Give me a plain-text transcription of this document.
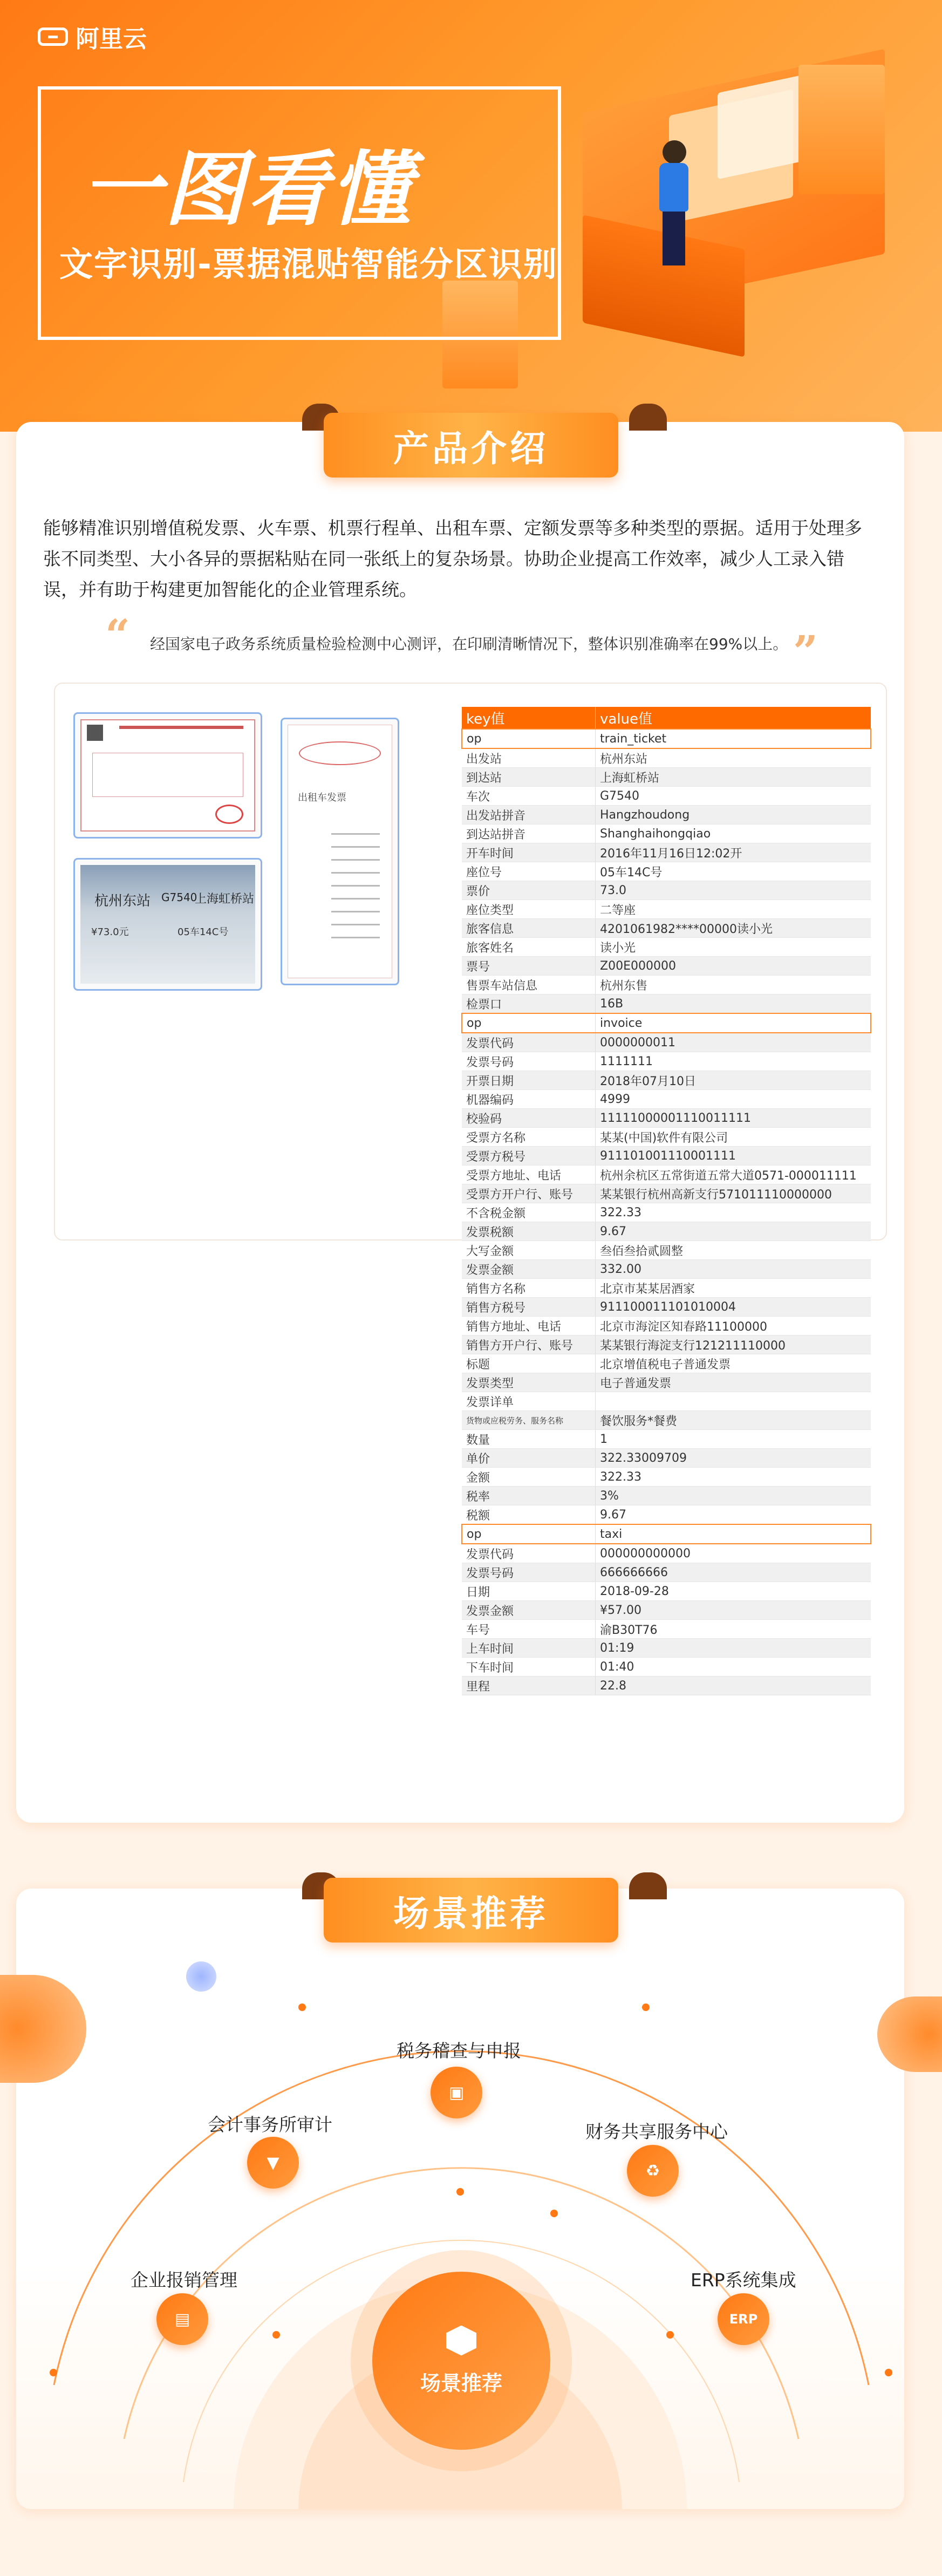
阿里云
一图看懂
文字识别-票据混贴智能分区识别
产品介绍
能够精准识别增值税发票、火车票、机票行程单、出租车票、定额发票等多种类型的票据。适用于处理多张不同类型、大小各异的票据粘贴在同一张纸上的复杂场景。协助企业提高工作效率，减少人工录入错误，并有助于构建更加智能化的企业管理系统。
“ 经国家电子政务系统质量检验检测中心测评，在印刷清晰情况下，整体识别准确率在99%以上。 ”
杭州东站 G7540
上海虹桥站
¥73.0元	05车14C号
出租车发票
key值	value值
op	train_ticket
出发站	杭州东站
到达站	上海虹桥站
车次	G7540
出发站拼音	Hangzhoudong
到达站拼音	Shanghaihongqiao
开车时间	2016年11月16日12:02开
座位号	05车14C号
票价	73.0
座位类型	二等座
旅客信息	4201061982****00000读小光
旅客姓名	读小光
票号	Z00E000000
售票车站信息	杭州东售
检票口	16B
op	invoice
发票代码	0000000011
发票号码	1111111
开票日期	2018年07月10日
机器编码	4999
校验码	11111000001110011111
受票方名称	某某(中国)软件有限公司
受票方税号	911101001110001111
受票方地址、电话	杭州余杭区五常街道五常大道0571-000011111
受票方开户行、账号	某某银行杭州高新支行571011110000000
不含税金额	322.33
发票税额	9.67
大写金额	叁佰叁拾贰圆整
发票金额	332.00
销售方名称	北京市某某居酒家
销售方税号	911100011101010004
销售方地址、电话	北京市海淀区知春路11100000
销售方开户行、账号	某某银行海淀支行121211110000
标题	北京增值税电子普通发票
发票类型	电子普通发票
发票详单	
货物或应税劳务、服务名称	餐饮服务*餐费
数量	1
单价	322.33009709
金额	322.33
税率	3%
税额	9.67
op	taxi
发票代码	000000000000
发票号码	666666666
日期	2018-09-28
发票金额	¥57.00
车号	渝B30T76
上车时间	01:19
下车时间	01:40
里程	22.8
场景推荐
场景推荐
▤
企业报销管理
▼
会计事务所审计
▣
税务稽查与申报
♻
财务共享服务中心
ERP
ERP系统集成
